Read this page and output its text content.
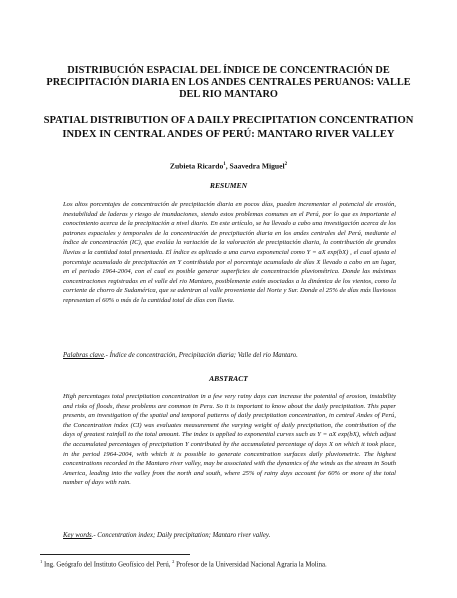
DISTRIBUCIÓN ESPACIAL DEL ÍNDICE DE CONCENTRACIÓN DE PRECIPITACIÓN DIARIA EN LOS ANDES CENTRALES PERUANOS: VALLE DEL RIO MANTARO
SPATIAL DISTRIBUTION OF A DAILY PRECIPITATION CONCENTRATION INDEX IN CENTRAL ANDES OF PERÚ: MANTARO RIVER VALLEY
Zubieta Ricardo$^1$, Saavedra Miguel$^2$
RESUMEN

Los altos porcentajes de concentración de precipitación diaria en pocos días, pueden incrementar el potencial de erosión, inestabilidad de laderas y riesgo de inundaciones, siendo estos problemas comunes en el Perú, por lo que es importante el conocimiento acerca de la precipitación a nivel diario. En este artículo, se ha llevado a cabo una investigación acerca de los patrones espaciales y temporales de la concentración de precipitación diaria en los andes centrales del Perú, mediante el índice de concentración (IC), que evalúa la variación de la valoración de precipitación diaria, la contribución de grandes lluvias a la cantidad total presentada. El índice es aplicado a una curva exponencial como Y = aX exp(bX) , el cual ajusta el porcentaje acumulado de precipitación en Y contribuida por el porcentaje acumulado de días X llevado a cabo en un lugar, en el periodo 1964-2004, con el cual es posible generar superficies de concentración pluviométrica. Donde las máximas concentraciones registradas en el valle del rio Mantaro, posiblemente estén asociadas a la dinámica de los vientos, como la corriente de chorro de Sudamérica, que se adentran al valle proveniente del Norte y Sur. Donde el 25% de días más lluviosos representan el 60% o más de la cantidad total de días con lluvia.

Palabras clave.- Índice de concentración, Precipitación diaria; Valle del rio Mantaro.

ABSTRACT

High percentages total precipitation concentration in a few very rainy days can increase the potential of erosion, instability and risks of floods, these problems are common in Peru. So it is important to know about the daily precipitation. This paper presents, an investigation of the spatial and temporal patterns of daily precipitation concentration, in central Andes of Perú, the Concentration index (CI) was evaluates measurement the varying weight of daily precipitation, the contribution of the days of greatest rainfall to the total amount. The index is applied to exponential curves such as Y = aX exp(bX), which adjust the accumulated percentages of precipitation Y contributed by the accumulated percentage of days X on which it took place, in the period 1964-2004, with which it is possible to generate concentration surfaces daily pluviometric. The highest concentrations recorded in the Mantaro river valley, may be associated with the dynamics of the winds as the stream in South America, leading into the valley from the north and south, where 25% of rainy days account for 60% or more of the total number of days with rain.

Key words.- Concentration index; Daily precipitation; Mantaro river valley.

$^1$ Ing. Geógrafo del Instituto Geofísico del Perú, $^2$ Profesor de la Universidad Nacional Agraria la Molina.
